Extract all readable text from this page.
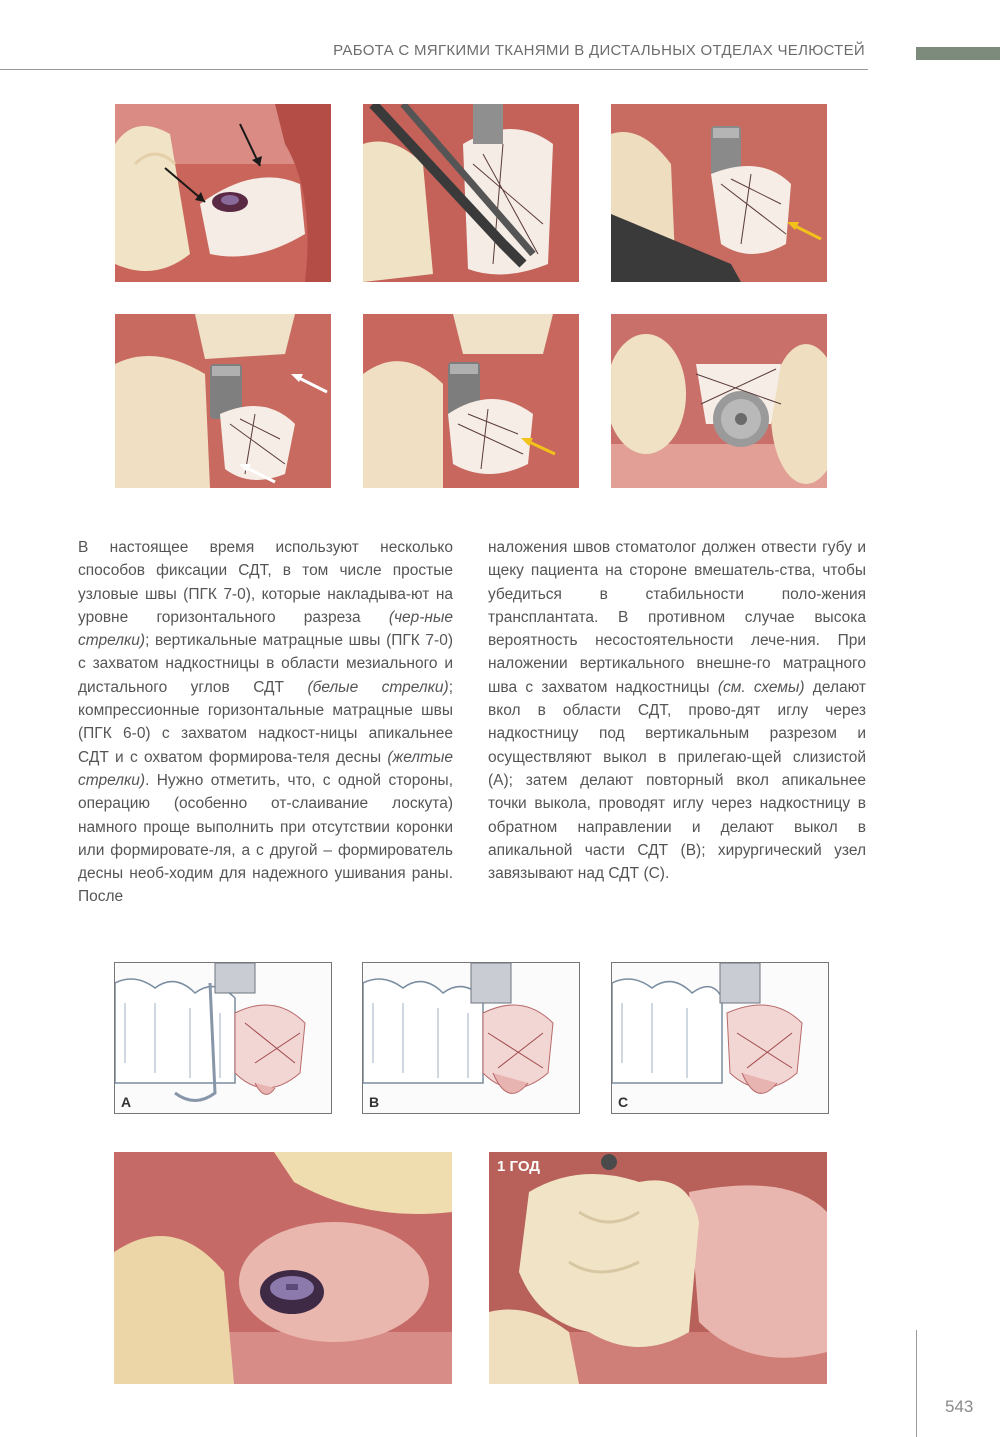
РАБОТА С МЯГКИМИ ТКАНЯМИ В ДИСТАЛЬНЫХ ОТДЕЛАХ ЧЕЛЮСТЕЙ

В настоящее время используют несколько способов фиксации СДТ, в том числе простые узловые швы (ПГК 7-0), которые накладыва-ют на уровне горизонтального разреза (чер-ные стрелки); вертикальные матрацные швы (ПГК 7-0) с захватом надкостницы в области мезиального и дистального углов СДТ (белые стрелки); компрессионные горизонтальные матрацные швы (ПГК 6-0) с захватом надкост-ницы апикальнее СДТ и с охватом формирова-теля десны (желтые стрелки). Нужно отметить, что, с одной стороны, операцию (особенно от-слаивание лоскута) намного проще выполнить при отсутствии коронки или формировате-ля, а с другой – формирователь десны необ-ходим для надежного ушивания раны. После

наложения швов стоматолог должен отвести губу и щеку пациента на стороне вмешатель-ства, чтобы убедиться в стабильности поло-жения трансплантата. В противном случае высока вероятность несостоятельности лече-ния. При наложении вертикального внешне-го матрацного шва с захватом надкостницы (см. схемы) делают вкол в области СДТ, прово-дят иглу через надкостницу под вертикальным разрезом и осуществляют выкол в прилегаю-щей слизистой (А); затем делают повторный вкол апикальнее точки выкола, проводят иглу через надкостницу в обратном направлении и делают выкол в апикальной части СДТ (В); хирургический узел завязывают над СДТ (С).

A	B	C
1 ГОД
543
